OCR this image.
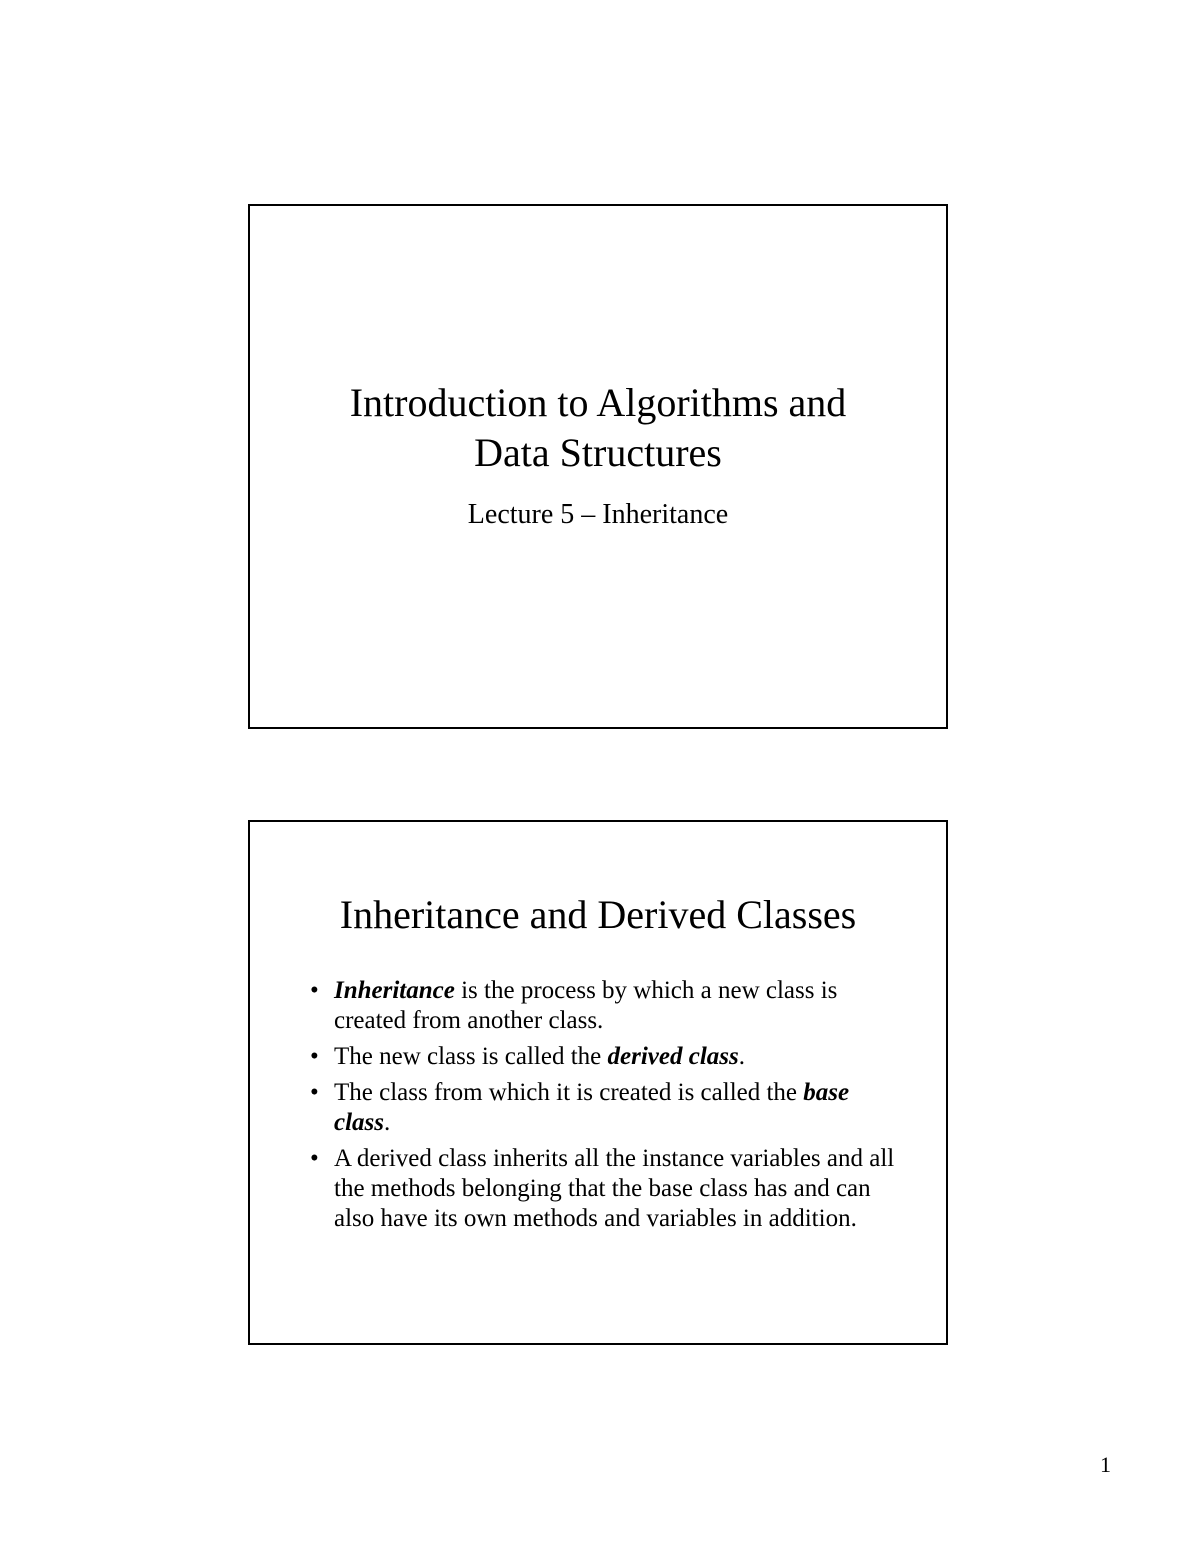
Introduction to Algorithms and
Data Structures
Lecture 5 – Inheritance
Inheritance and Derived Classes
• Inheritance is the process by which a new class is created from another class.
• The new class is called the derived class.
• The class from which it is created is called the base class.
• A derived class inherits all the instance variables and all the methods belonging that the base class has and can also have its own methods and variables in addition.
1
